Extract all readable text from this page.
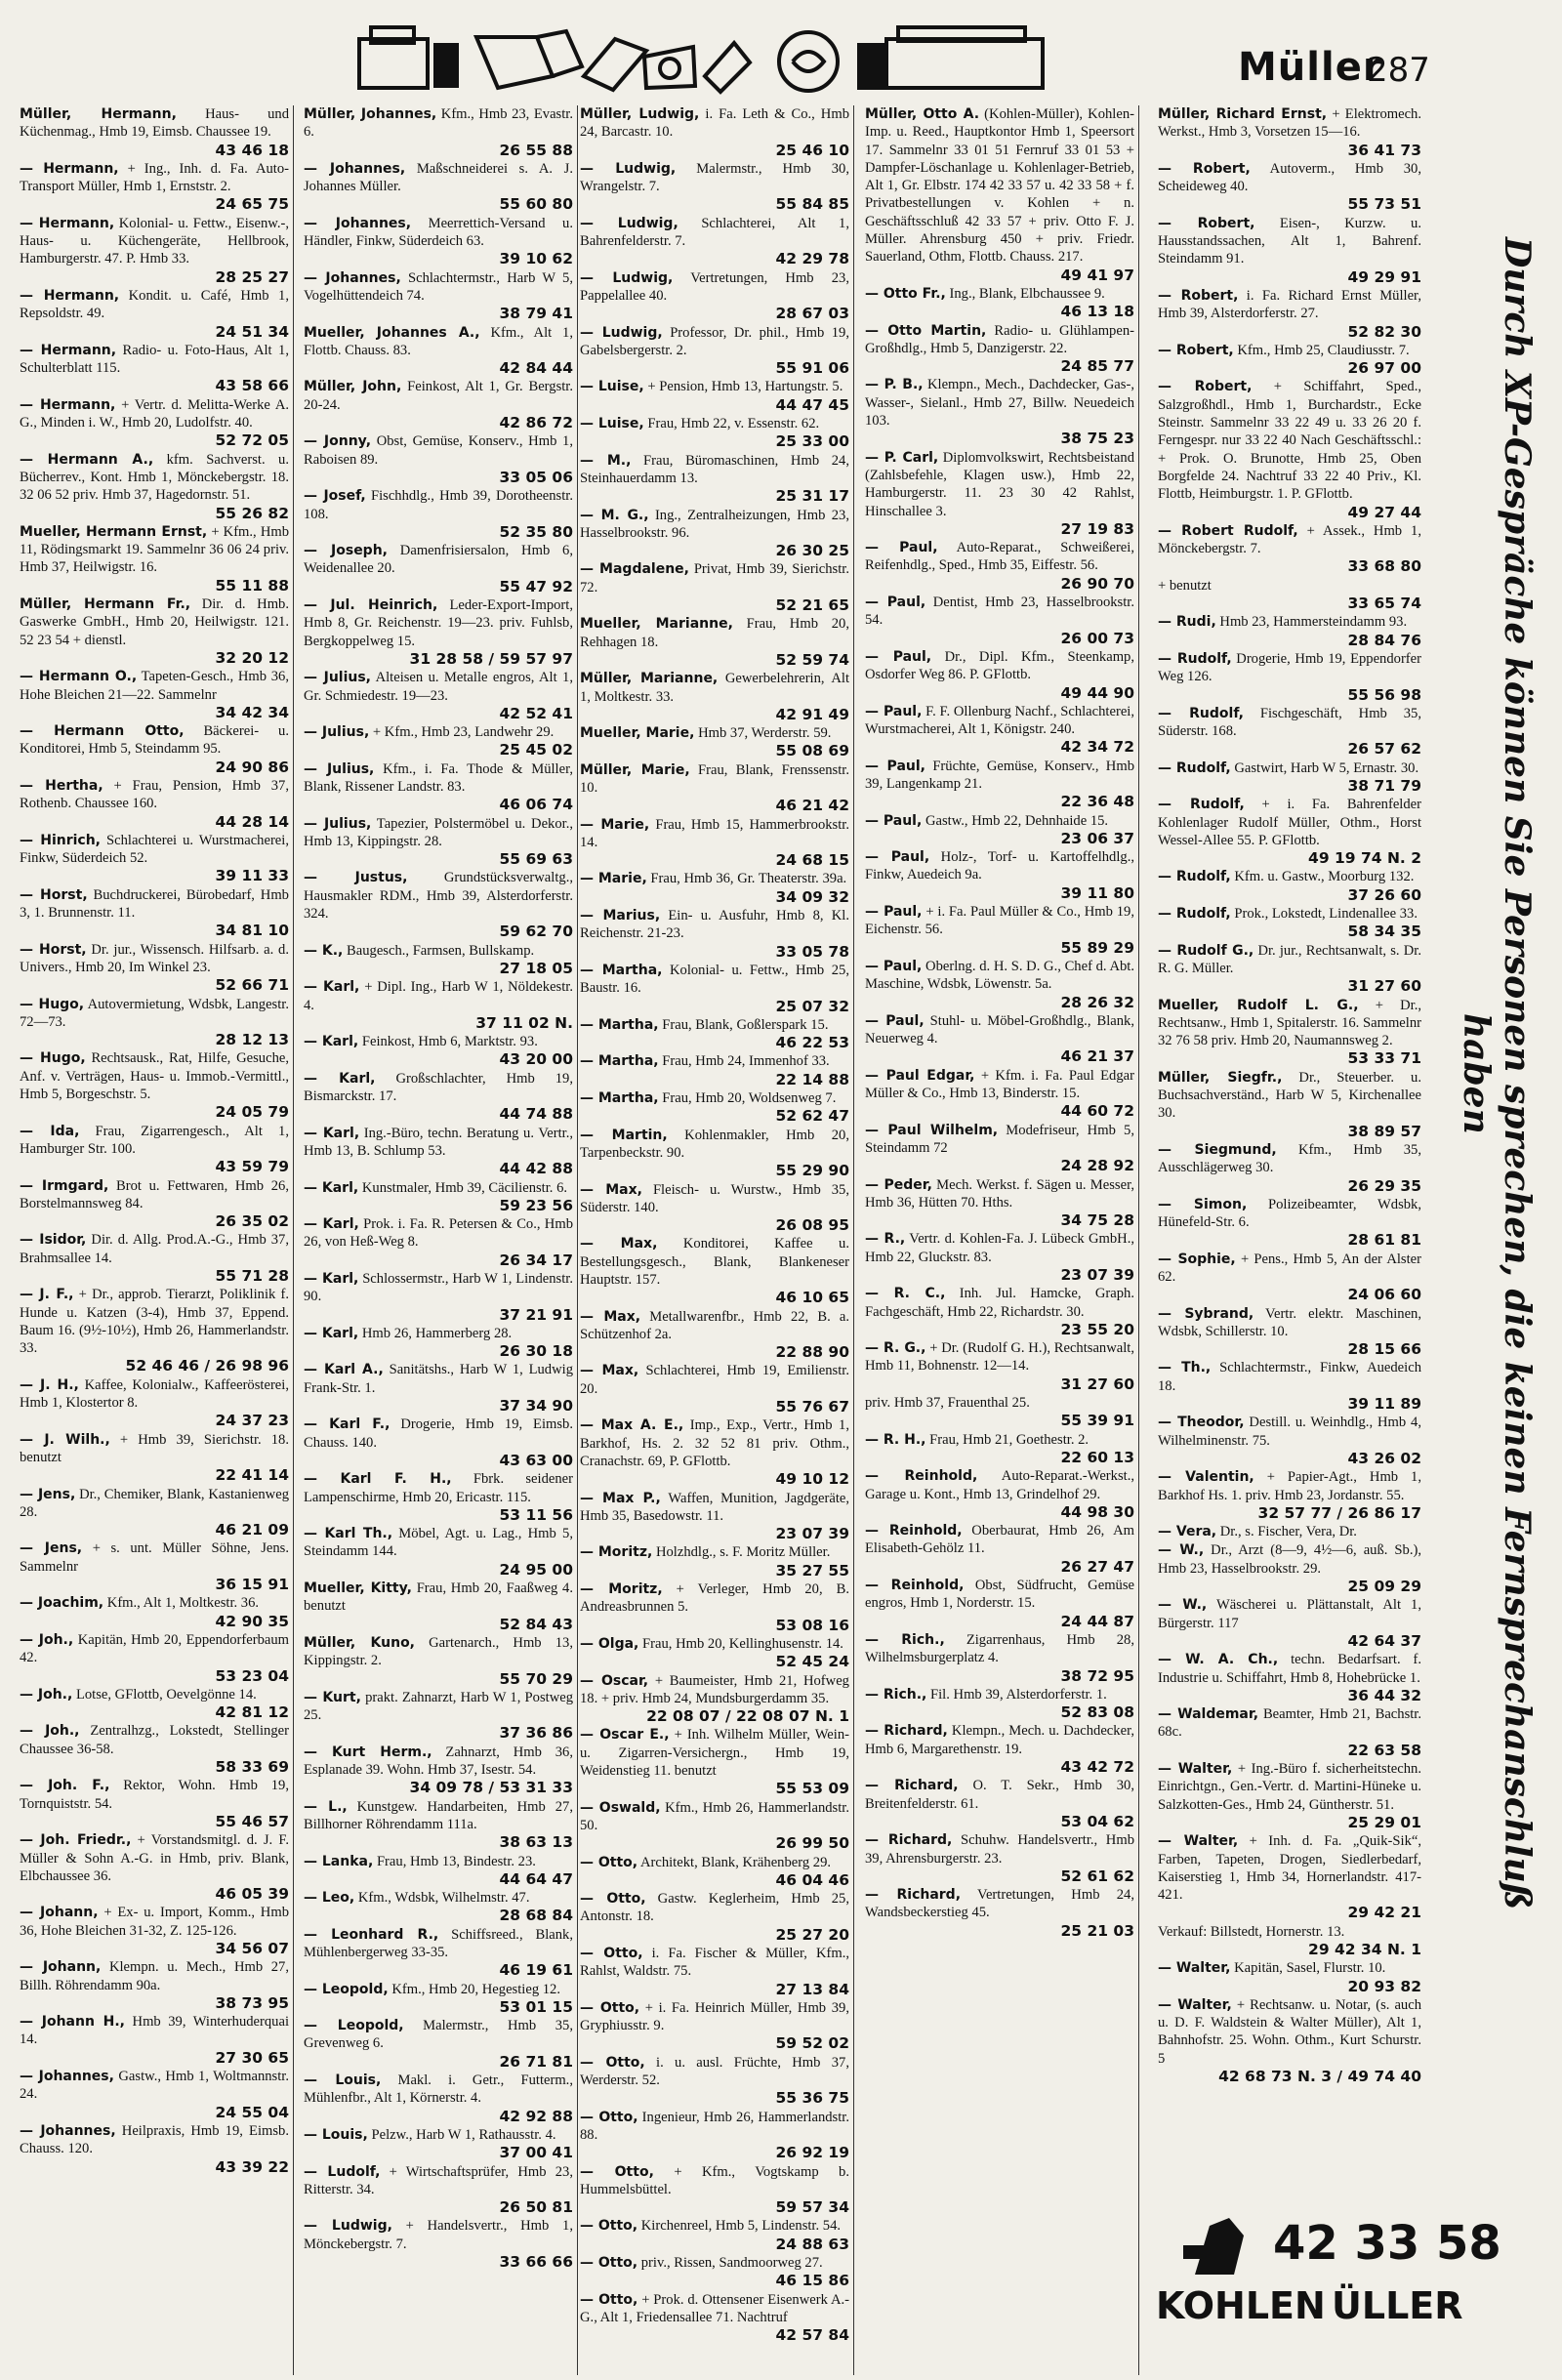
Müller
287
Müller, Hermann, Haus- und Küchenmag., Hmb 19, Eimsb. Chaussee 19.
43 46 18
— Hermann, + Ing., Inh. d. Fa. Auto-Transport Müller, Hmb 1, Ernststr. 2.
24 65 75
— Hermann, Kolonial- u. Fettw., Eisenw.-, Haus- u. Küchengeräte, Hellbrook, Hamburgerstr. 47. P. Hmb 33.
28 25 27
— Hermann, Kondit. u. Café, Hmb 1, Repsoldstr. 49.
24 51 34
— Hermann, Radio- u. Foto-Haus, Alt 1, Schulterblatt 115.
43 58 66
— Hermann, + Vertr. d. Melitta-Werke A. G., Minden i. W., Hmb 20, Ludolfstr. 40.
52 72 05
— Hermann A., kfm. Sachverst. u. Bücherrev., Kont. Hmb 1, Mönckebergstr. 18. 32 06 52 priv. Hmb 37, Hagedornstr. 51.
55 26 82
Mueller, Hermann Ernst, + Kfm., Hmb 11, Rödingsmarkt 19. Sammelnr 36 06 24 priv. Hmb 37, Heilwigstr. 16.
55 11 88
Müller, Hermann Fr., Dir. d. Hmb. Gaswerke GmbH., Hmb 20, Heilwigstr. 121. 52 23 54 + dienstl.
32 20 12
— Hermann O., Tapeten-Gesch., Hmb 36, Hohe Bleichen 21—22. Sammelnr
34 42 34
— Hermann Otto, Bäckerei- u. Konditorei, Hmb 5, Steindamm 95.
24 90 86
— Hertha, + Frau, Pension, Hmb 37, Rothenb. Chaussee 160.
44 28 14
— Hinrich, Schlachterei u. Wurstmacherei, Finkw, Süderdeich 52.
39 11 33
— Horst, Buchdruckerei, Bürobedarf, Hmb 3, 1. Brunnenstr. 11.
34 81 10
— Horst, Dr. jur., Wissensch. Hilfsarb. a. d. Univers., Hmb 20, Im Winkel 23.
52 66 71
— Hugo, Autovermietung, Wdsbk, Langestr. 72—73.
28 12 13
— Hugo, Rechtsausk., Rat, Hilfe, Gesuche, Anf. v. Verträgen, Haus- u. Immob.-Vermittl., Hmb 5, Borgeschstr. 5.
24 05 79
— Ida, Frau, Zigarrengesch., Alt 1, Hamburger Str. 100.
43 59 79
— Irmgard, Brot u. Fettwaren, Hmb 26, Borstelmannsweg 84.
26 35 02
— Isidor, Dir. d. Allg. Prod.A.-G., Hmb 37, Brahmsallee 14.
55 71 28
— J. F., + Dr., approb. Tierarzt, Poliklinik f. Hunde u. Katzen (3-4), Hmb 37, Eppend. Baum 16. (9½-10½), Hmb 26, Hammerlandstr. 33.
52 46 46 / 26 98 96
— J. H., Kaffee, Kolonialw., Kaffeerösterei, Hmb 1, Klostertor 8.
24 37 23
— J. Wilh., + Hmb 39, Sierichstr. 18. benutzt
22 41 14
— Jens, Dr., Chemiker, Blank, Kastanienweg 28.
46 21 09
— Jens, + s. unt. Müller Söhne, Jens. Sammelnr
36 15 91
— Joachim, Kfm., Alt 1, Moltkestr. 36.
42 90 35
— Joh., Kapitän, Hmb 20, Eppendorferbaum 42.
53 23 04
— Joh., Lotse, GFlottb, Oevelgönne 14.
42 81 12
— Joh., Zentralhzg., Lokstedt, Stellinger Chaussee 36-58.
58 33 69
— Joh. F., Rektor, Wohn. Hmb 19, Tornquiststr. 54.
55 46 57
— Joh. Friedr., + Vorstandsmitgl. d. J. F. Müller & Sohn A.-G. in Hmb, priv. Blank, Elbchaussee 36.
46 05 39
— Johann, + Ex- u. Import, Komm., Hmb 36, Hohe Bleichen 31-32, Z. 125-126.
34 56 07
— Johann, Klempn. u. Mech., Hmb 27, Billh. Röhrendamm 90a.
38 73 95
— Johann H., Hmb 39, Winterhuderquai 14.
27 30 65
— Johannes, Gastw., Hmb 1, Woltmannstr. 24.
24 55 04
— Johannes, Heilpraxis, Hmb 19, Eimsb. Chauss. 120.
43 39 22
Müller, Johannes, Kfm., Hmb 23, Evastr. 6.
26 55 88
— Johannes, Maßschneiderei s. A. J. Johannes Müller.
55 60 80
— Johannes, Meerrettich-Versand u. Händler, Finkw, Süderdeich 63.
39 10 62
— Johannes, Schlachtermstr., Harb W 5, Vogelhüttendeich 74.
38 79 41
Mueller, Johannes A., Kfm., Alt 1, Flottb. Chauss. 83.
42 84 44
Müller, John, Feinkost, Alt 1, Gr. Bergstr. 20-24.
42 86 72
— Jonny, Obst, Gemüse, Konserv., Hmb 1, Raboisen 89.
33 05 06
— Josef, Fischhdlg., Hmb 39, Dorotheenstr. 108.
52 35 80
— Joseph, Damenfrisiersalon, Hmb 6, Weidenallee 20.
55 47 92
— Jul. Heinrich, Leder-Export-Import, Hmb 8, Gr. Reichenstr. 19—23. priv. Fuhlsb, Bergkoppelweg 15.
31 28 58 / 59 57 97
— Julius, Alteisen u. Metalle engros, Alt 1, Gr. Schmiedestr. 19—23.
42 52 41
— Julius, + Kfm., Hmb 23, Landwehr 29.
25 45 02
— Julius, Kfm., i. Fa. Thode & Müller, Blank, Rissener Landstr. 83.
46 06 74
— Julius, Tapezier, Polstermöbel u. Dekor., Hmb 13, Kippingstr. 28.
55 69 63
— Justus, Grundstücksverwaltg., Hausmakler RDM., Hmb 39, Alsterdorferstr. 324.
59 62 70
— K., Baugesch., Farmsen, Bullskamp.
27 18 05
— Karl, + Dipl. Ing., Harb W 1, Nöldekestr. 4.
37 11 02 N.
— Karl, Feinkost, Hmb 6, Marktstr. 93.
43 20 00
— Karl, Großschlachter, Hmb 19, Bismarckstr. 17.
44 74 88
— Karl, Ing.-Büro, techn. Beratung u. Vertr., Hmb 13, B. Schlump 53.
44 42 88
— Karl, Kunstmaler, Hmb 39, Cäcilienstr. 6.
59 23 56
— Karl, Prok. i. Fa. R. Petersen & Co., Hmb 26, von Heß-Weg 8.
26 34 17
— Karl, Schlossermstr., Harb W 1, Lindenstr. 90.
37 21 91
— Karl, Hmb 26, Hammerberg 28.
26 30 18
— Karl A., Sanitätshs., Harb W 1, Ludwig Frank-Str. 1.
37 34 90
— Karl F., Drogerie, Hmb 19, Eimsb. Chauss. 140.
43 63 00
— Karl F. H., Fbrk. seidener Lampenschirme, Hmb 20, Ericastr. 115.
53 11 56
— Karl Th., Möbel, Agt. u. Lag., Hmb 5, Steindamm 144.
24 95 00
Mueller, Kitty, Frau, Hmb 20, Faaßweg 4. benutzt
52 84 43
Müller, Kuno, Gartenarch., Hmb 13, Kippingstr. 2.
55 70 29
— Kurt, prakt. Zahnarzt, Harb W 1, Postweg 25.
37 36 86
— Kurt Herm., Zahnarzt, Hmb 36, Esplanade 39. Wohn. Hmb 37, Isestr. 54.
34 09 78 / 53 31 33
— L., Kunstgew. Handarbeiten, Hmb 27, Billhorner Röhrendamm 111a.
38 63 13
— Lanka, Frau, Hmb 13, Bindestr. 23.
44 64 47
— Leo, Kfm., Wdsbk, Wilhelmstr. 47.
28 68 84
— Leonhard R., Schiffsreed., Blank, Mühlenbergerweg 33-35.
46 19 61
— Leopold, Kfm., Hmb 20, Hegestieg 12.
53 01 15
— Leopold, Malermstr., Hmb 35, Grevenweg 6.
26 71 81
— Louis, Makl. i. Getr., Futterm., Mühlenfbr., Alt 1, Körnerstr. 4.
42 92 88
— Louis, Pelzw., Harb W 1, Rathausstr. 4.
37 00 41
— Ludolf, + Wirtschaftsprüfer, Hmb 23, Ritterstr. 34.
26 50 81
— Ludwig, + Handelsvertr., Hmb 1, Mönckebergstr. 7.
33 66 66
Müller, Ludwig, i. Fa. Leth & Co., Hmb 24, Barcastr. 10.
25 46 10
— Ludwig, Malermstr., Hmb 30, Wrangelstr. 7.
55 84 85
— Ludwig, Schlachterei, Alt 1, Bahrenfelderstr. 7.
42 29 78
— Ludwig, Vertretungen, Hmb 23, Pappelallee 40.
28 67 03
— Ludwig, Professor, Dr. phil., Hmb 19, Gabelsbergerstr. 2.
55 91 06
— Luise, + Pension, Hmb 13, Hartungstr. 5.
44 47 45
— Luise, Frau, Hmb 22, v. Essenstr. 62.
25 33 00
— M., Frau, Büromaschinen, Hmb 24, Steinhauerdamm 13.
25 31 17
— M. G., Ing., Zentralheizungen, Hmb 23, Hasselbrookstr. 96.
26 30 25
— Magdalene, Privat, Hmb 39, Sierichstr. 72.
52 21 65
Mueller, Marianne, Frau, Hmb 20, Rehhagen 18.
52 59 74
Müller, Marianne, Gewerbelehrerin, Alt 1, Moltkestr. 33.
42 91 49
Mueller, Marie, Hmb 37, Werderstr. 59.
55 08 69
Müller, Marie, Frau, Blank, Frenssenstr. 10.
46 21 42
— Marie, Frau, Hmb 15, Hammerbrookstr. 14.
24 68 15
— Marie, Frau, Hmb 36, Gr. Theaterstr. 39a.
34 09 32
— Marius, Ein- u. Ausfuhr, Hmb 8, Kl. Reichenstr. 21-23.
33 05 78
— Martha, Kolonial- u. Fettw., Hmb 25, Baustr. 16.
25 07 32
— Martha, Frau, Blank, Goßlerspark 15.
46 22 53
— Martha, Frau, Hmb 24, Immenhof 33.
22 14 88
— Martha, Frau, Hmb 20, Woldsenweg 7.
52 62 47
— Martin, Kohlenmakler, Hmb 20, Tarpenbeckstr. 90.
55 29 90
— Max, Fleisch- u. Wurstw., Hmb 35, Süderstr. 140.
26 08 95
— Max, Konditorei, Kaffee u. Bestellungsgesch., Blank, Blankeneser Hauptstr. 157.
46 10 65
— Max, Metallwarenfbr., Hmb 22, B. a. Schützenhof 2a.
22 88 90
— Max, Schlachterei, Hmb 19, Emilienstr. 20.
55 76 67
— Max A. E., Imp., Exp., Vertr., Hmb 1, Barkhof, Hs. 2. 32 52 81 priv. Othm., Cranachstr. 69, P. GFlottb.
49 10 12
— Max P., Waffen, Munition, Jagdgeräte, Hmb 35, Basedowstr. 11.
23 07 39
— Moritz, Holzhdlg., s. F. Moritz Müller.
35 27 55
— Moritz, + Verleger, Hmb 20, B. Andreasbrunnen 5.
53 08 16
— Olga, Frau, Hmb 20, Kellinghusenstr. 14.
52 45 24
— Oscar, + Baumeister, Hmb 21, Hofweg 18. + priv. Hmb 24, Mundsburgerdamm 35.
22 08 07 / 22 08 07 N. 1
— Oscar E., + Inh. Wilhelm Müller, Wein- u. Zigarren-Versichergn., Hmb 19, Weidenstieg 11. benutzt
55 53 09
— Oswald, Kfm., Hmb 26, Hammerlandstr. 50.
26 99 50
— Otto, Architekt, Blank, Krähenberg 29.
46 04 46
— Otto, Gastw. Keglerheim, Hmb 25, Antonstr. 18.
25 27 20
— Otto, i. Fa. Fischer & Müller, Kfm., Rahlst, Waldstr. 75.
27 13 84
— Otto, + i. Fa. Heinrich Müller, Hmb 39, Gryphiusstr. 9.
59 52 02
— Otto, i. u. ausl. Früchte, Hmb 37, Werderstr. 52.
55 36 75
— Otto, Ingenieur, Hmb 26, Hammerlandstr. 88.
26 92 19
— Otto, + Kfm., Vogtskamp b. Hummelsbüttel.
59 57 34
— Otto, Kirchenreel, Hmb 5, Lindenstr. 54.
24 88 63
— Otto, priv., Rissen, Sandmoorweg 27.
46 15 86
— Otto, + Prok. d. Ottensener Eisenwerk A.-G., Alt 1, Friedensallee 71. Nachtruf
42 57 84
Müller, Otto A. (Kohlen-Müller), Kohlen-Imp. u. Reed., Hauptkontor Hmb 1, Speersort 17. Sammelnr 33 01 51 Fernruf 33 01 53 + Dampfer-Löschanlage u. Kohlenlager-Betrieb, Alt 1, Gr. Elbstr. 174 42 33 57 u. 42 33 58 + f. Privatbestellungen v. Kohlen + n. Geschäftsschluß 42 33 57 + priv. Otto F. J. Müller. Ahrensburg 450 + priv. Friedr. Sauerland, Othm, Flottb. Chauss. 217.
49 41 97
— Otto Fr., Ing., Blank, Elbchaussee 9.
46 13 18
— Otto Martin, Radio- u. Glühlampen-Großhdlg., Hmb 5, Danzigerstr. 22.
24 85 77
— P. B., Klempn., Mech., Dachdecker, Gas-, Wasser-, Sielanl., Hmb 27, Billw. Neuedeich 103.
38 75 23
— P. Carl, Diplomvolkswirt, Rechtsbeistand (Zahlsbefehle, Klagen usw.), Hmb 22, Hamburgerstr. 11. 23 30 42 Rahlst, Hinschallee 3.
27 19 83
— Paul, Auto-Reparat., Schweißerei, Reifenhdlg., Sped., Hmb 35, Eiffestr. 56.
26 90 70
— Paul, Dentist, Hmb 23, Hasselbrookstr. 54.
26 00 73
— Paul, Dr., Dipl. Kfm., Steenkamp, Osdorfer Weg 86. P. GFlottb.
49 44 90
— Paul, F. F. Ollenburg Nachf., Schlachterei, Wurstmacherei, Alt 1, Königstr. 240.
42 34 72
— Paul, Früchte, Gemüse, Konserv., Hmb 39, Langenkamp 21.
22 36 48
— Paul, Gastw., Hmb 22, Dehnhaide 15.
23 06 37
— Paul, Holz-, Torf- u. Kartoffelhdlg., Finkw, Auedeich 9a.
39 11 80
— Paul, + i. Fa. Paul Müller & Co., Hmb 19, Eichenstr. 56.
55 89 29
— Paul, Oberlng. d. H. S. D. G., Chef d. Abt. Maschine, Wdsbk, Löwenstr. 5a.
28 26 32
— Paul, Stuhl- u. Möbel-Großhdlg., Blank, Neuerweg 4.
46 21 37
— Paul Edgar, + Kfm. i. Fa. Paul Edgar Müller & Co., Hmb 13, Binderstr. 15.
44 60 72
— Paul Wilhelm, Modefriseur, Hmb 5, Steindamm 72
24 28 92
— Peder, Mech. Werkst. f. Sägen u. Messer, Hmb 36, Hütten 70. Hths.
34 75 28
— R., Vertr. d. Kohlen-Fa. J. Lübeck GmbH., Hmb 22, Gluckstr. 83.
23 07 39
— R. C., Inh. Jul. Hamcke, Graph. Fachgeschäft, Hmb 22, Richardstr. 30.
23 55 20
— R. G., + Dr. (Rudolf G. H.), Rechtsanwalt, Hmb 11, Bohnenstr. 12—14.
31 27 60
priv. Hmb 37, Frauenthal 25.
55 39 91
— R. H., Frau, Hmb 21, Goethestr. 2.
22 60 13
— Reinhold, Auto-Reparat.-Werkst., Garage u. Kont., Hmb 13, Grindelhof 29.
44 98 30
— Reinhold, Oberbaurat, Hmb 26, Am Elisabeth-Gehölz 11.
26 27 47
— Reinhold, Obst, Südfrucht, Gemüse engros, Hmb 1, Norderstr. 15.
24 44 87
— Rich., Zigarrenhaus, Hmb 28, Wilhelmsburgerplatz 4.
38 72 95
— Rich., Fil. Hmb 39, Alsterdorferstr. 1.
52 83 08
— Richard, Klempn., Mech. u. Dachdecker, Hmb 6, Margarethenstr. 19.
43 42 72
— Richard, O. T. Sekr., Hmb 30, Breitenfelderstr. 61.
53 04 62
— Richard, Schuhw. Handelsvertr., Hmb 39, Ahrensburgerstr. 23.
52 61 62
— Richard, Vertretungen, Hmb 24, Wandsbeckerstieg 45.
25 21 03
Müller, Richard Ernst, + Elektromech. Werkst., Hmb 3, Vorsetzen 15—16.
36 41 73
— Robert, Autoverm., Hmb 30, Scheideweg 40.
55 73 51
— Robert, Eisen-, Kurzw. u. Hausstandssachen, Alt 1, Bahrenf. Steindamm 91.
49 29 91
— Robert, i. Fa. Richard Ernst Müller, Hmb 39, Alsterdorferstr. 27.
52 82 30
— Robert, Kfm., Hmb 25, Claudiusstr. 7.
26 97 00
— Robert, + Schiffahrt, Sped., Salzgroßhdl., Hmb 1, Burchardstr., Ecke Steinstr. Sammelnr 33 22 49 u. 33 26 20 f. Ferngespr. nur 33 22 40 Nach Geschäftsschl.: + Prok. O. Brunotte, Hmb 25, Oben Borgfelde 24. Nachtruf 33 22 40 Priv., Kl. Flottb, Heimburgstr. 1. P. GFlottb.
49 27 44
— Robert Rudolf, + Assek., Hmb 1, Mönckebergstr. 7.
33 68 80
+ benutzt
33 65 74
— Rudi, Hmb 23, Hammersteindamm 93.
28 84 76
— Rudolf, Drogerie, Hmb 19, Eppendorfer Weg 126.
55 56 98
— Rudolf, Fischgeschäft, Hmb 35, Süderstr. 168.
26 57 62
— Rudolf, Gastwirt, Harb W 5, Ernastr. 30.
38 71 79
— Rudolf, + i. Fa. Bahrenfelder Kohlenlager Rudolf Müller, Othm., Horst Wessel-Allee 55. P. GFlottb.
49 19 74 N. 2
— Rudolf, Kfm. u. Gastw., Moorburg 132.
37 26 60
— Rudolf, Prok., Lokstedt, Lindenallee 33.
58 34 35
— Rudolf G., Dr. jur., Rechtsanwalt, s. Dr. R. G. Müller.
31 27 60
Mueller, Rudolf L. G., + Dr., Rechtsanw., Hmb 1, Spitalerstr. 16. Sammelnr 32 76 58 priv. Hmb 20, Naumannsweg 2.
53 33 71
Müller, Siegfr., Dr., Steuerber. u. Buchsachverständ., Harb W 5, Kirchenallee 30.
38 89 57
— Siegmund, Kfm., Hmb 35, Ausschlägerweg 30.
26 29 35
— Simon, Polizeibeamter, Wdsbk, Hünefeld-Str. 6.
28 61 81
— Sophie, + Pens., Hmb 5, An der Alster 62.
24 06 60
— Sybrand, Vertr. elektr. Maschinen, Wdsbk, Schillerstr. 10.
28 15 66
— Th., Schlachtermstr., Finkw, Auedeich 18.
39 11 89
— Theodor, Destill. u. Weinhdlg., Hmb 4, Wilhelminenstr. 75.
43 26 02
— Valentin, + Papier-Agt., Hmb 1, Barkhof Hs. 1. priv. Hmb 23, Jordanstr. 55.
32 57 77 / 26 86 17
— Vera, Dr., s. Fischer, Vera, Dr.
— W., Dr., Arzt (8—9, 4½—6, auß. Sb.), Hmb 23, Hasselbrookstr. 29.
25 09 29
— W., Wäscherei u. Plättanstalt, Alt 1, Bürgerstr. 117
42 64 37
— W. A. Ch., techn. Bedarfsart. f. Industrie u. Schiffahrt, Hmb 8, Hohebrücke 1.
36 44 32
— Waldemar, Beamter, Hmb 21, Bachstr. 68c.
22 63 58
— Walter, + Ing.-Büro f. sicherheitstechn. Einrichtgn., Gen.-Vertr. d. Martini-Hüneke u. Salzkotten-Ges., Hmb 24, Güntherstr. 51.
25 29 01
— Walter, + Inh. d. Fa. „Quik-Sik“, Farben, Tapeten, Drogen, Siedlerbedarf, Kaiserstieg 1, Hmb 34, Hornerlandstr. 417-421.
29 42 21
Verkauf: Billstedt, Hornerstr. 13.
29 42 34 N. 1
— Walter, Kapitän, Sasel, Flurstr. 10.
20 93 82
— Walter, + Rechtsanw. u. Notar, (s. auch u. D. F. Waldstein & Walter Müller), Alt 1, Bahnhofstr. 25. Wohn. Othm., Kurt Schurstr. 5
42 68 73 N. 3 / 49 74 40
Durch XP-Gespräche können Sie Personen sprechen, die keinen Fernsprechanschluß haben
42 33 58
KOHLEN ÜLLER
